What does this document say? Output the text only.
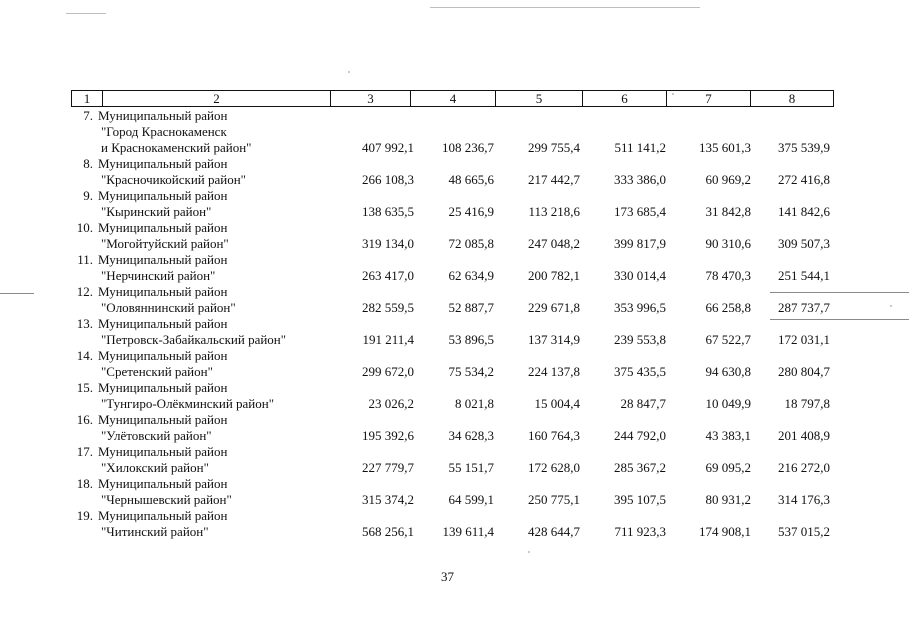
1	2	3	4	5	6	7	8
7. Муниципальный район
"Город Краснокаменск
и Краснокаменский район"	407 992,1	108 236,7	299 755,4	511 141,2	135 601,3	375 539,9
8. Муниципальный район
"Красночикойский район"	266 108,3	48 665,6	217 442,7	333 386,0	60 969,2	272 416,8
9. Муниципальный район
"Кыринский район"	138 635,5	25 416,9	113 218,6	173 685,4	31 842,8	141 842,6
10. Муниципальный район
"Могойтуйский район"	319 134,0	72 085,8	247 048,2	399 817,9	90 310,6	309 507,3
11. Муниципальный район
"Нерчинский район"	263 417,0	62 634,9	200 782,1	330 014,4	78 470,3	251 544,1
12. Муниципальный район
"Оловяннинский район"	282 559,5	52 887,7	229 671,8	353 996,5	66 258,8	287 737,7
13. Муниципальный район
"Петровск-Забайкальский район"	191 211,4	53 896,5	137 314,9	239 553,8	67 522,7	172 031,1
14. Муниципальный район
"Сретенский район"	299 672,0	75 534,2	224 137,8	375 435,5	94 630,8	280 804,7
15. Муниципальный район
"Тунгиро-Олёкминский район"	23 026,2	8 021,8	15 004,4	28 847,7	10 049,9	18 797,8
16. Муниципальный район
"Улётовский район"	195 392,6	34 628,3	160 764,3	244 792,0	43 383,1	201 408,9
17. Муниципальный район
"Хилокский район"	227 779,7	55 151,7	172 628,0	285 367,2	69 095,2	216 272,0
18. Муниципальный район
"Чернышевский район"	315 374,2	64 599,1	250 775,1	395 107,5	80 931,2	314 176,3
19. Муниципальный район
"Читинский район"	568 256,1	139 611,4	428 644,7	711 923,3	174 908,1	537 015,2
37
